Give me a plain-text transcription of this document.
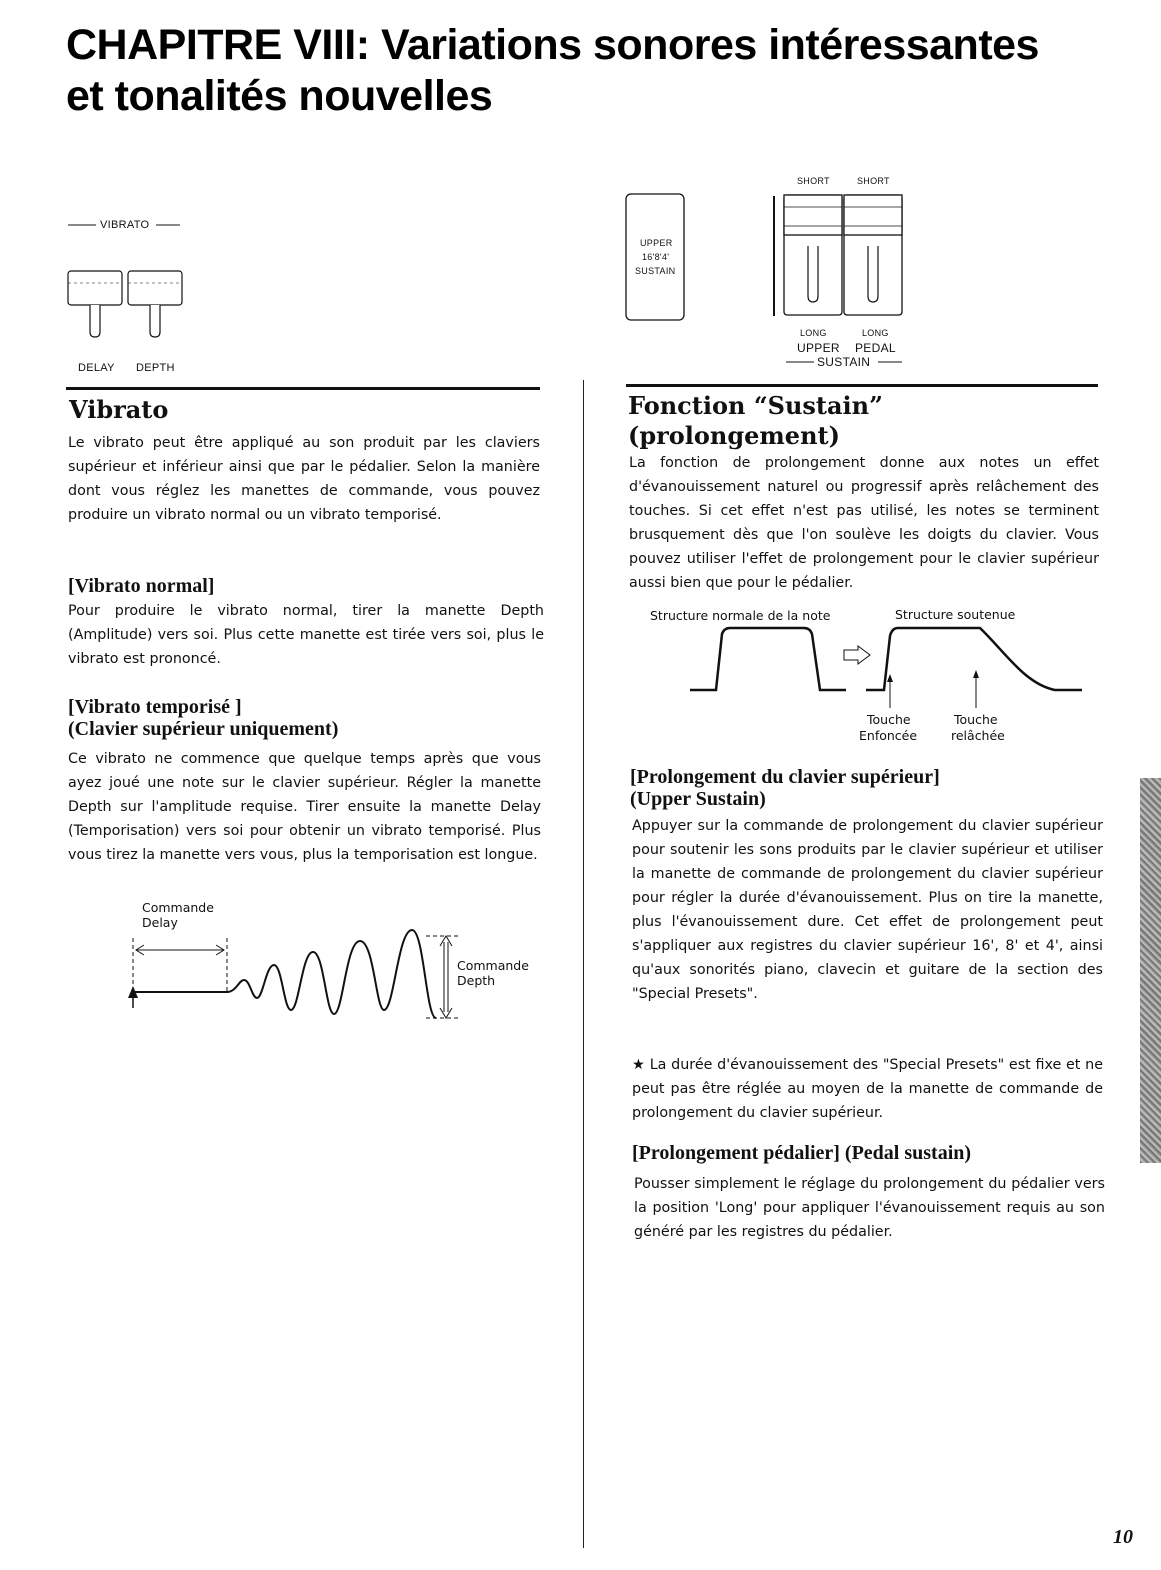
CHAPITRE VIII: Variations sonores intéressantes
et tonalités nouvelles
VIBRATO
DELAY DEPTH
UPPER
16'8'4'
SUSTAIN
SHORT	SHORT
LONG	LONG
UPPER PEDAL
SUSTAIN
Vibrato

Le vibrato peut être appliqué au son produit par les claviers supérieur et inférieur ainsi que par le pédalier. Selon la manière dont vous réglez les manettes de commande, vous pouvez produire un vibrato normal ou un vibrato temporisé.

[Vibrato normal]

Pour produire le vibrato normal, tirer la manette Depth (Amplitude) vers soi. Plus cette manette est tirée vers soi, plus le vibrato est prononcé.

[Vibrato temporisé ]
(Clavier supérieur uniquement)

Ce vibrato ne commence que quelque temps après que vous ayez joué une note sur le clavier supérieur. Régler la manette Depth sur l'amplitude requise. Tirer ensuite la manette Delay (Temporisation) vers soi pour obtenir un vibrato temporisé. Plus vous tirez la manette vers vous, plus la temporisation est longue.

Commande
Delay
Commande
Depth
Fonction “Sustain”
(prolongement)

La fonction de prolongement donne aux notes un effet d'évanouissement naturel ou progressif après relâchement des touches. Si cet effet n'est pas utilisé, les notes se terminent brusquement dès que l'on soulève les doigts du clavier. Vous pouvez utiliser l'effet de prolongement pour le clavier supérieur aussi bien que pour le pédalier.

Structure normale de la note	Structure soutenue
Touche
Enfoncée
Touche
relâchée
[Prolongement du clavier supérieur]
(Upper Sustain)

Appuyer sur la commande de prolongement du clavier supérieur pour soutenir les sons produits par le clavier supérieur et utiliser la manette de commande de prolongement du clavier supérieur pour régler la durée d'évanouissement. Plus on tire la manette, plus l'évanouissement dure. Cet effet de prolongement peut s'appliquer aux registres du clavier supérieur 16', 8' et 4', ainsi qu'aux sonorités piano, clavecin et guitare de la section des "Special Presets".

★ La durée d'évanouissement des "Special Presets" est fixe et ne peut pas être réglée au moyen de la manette de commande de prolongement du clavier supérieur.

[Prolongement pédalier] (Pedal sustain)

Pousser simplement le réglage du prolongement du pédalier vers la position 'Long' pour appliquer l'évanouissement requis au son généré par les registres du pédalier.

10
